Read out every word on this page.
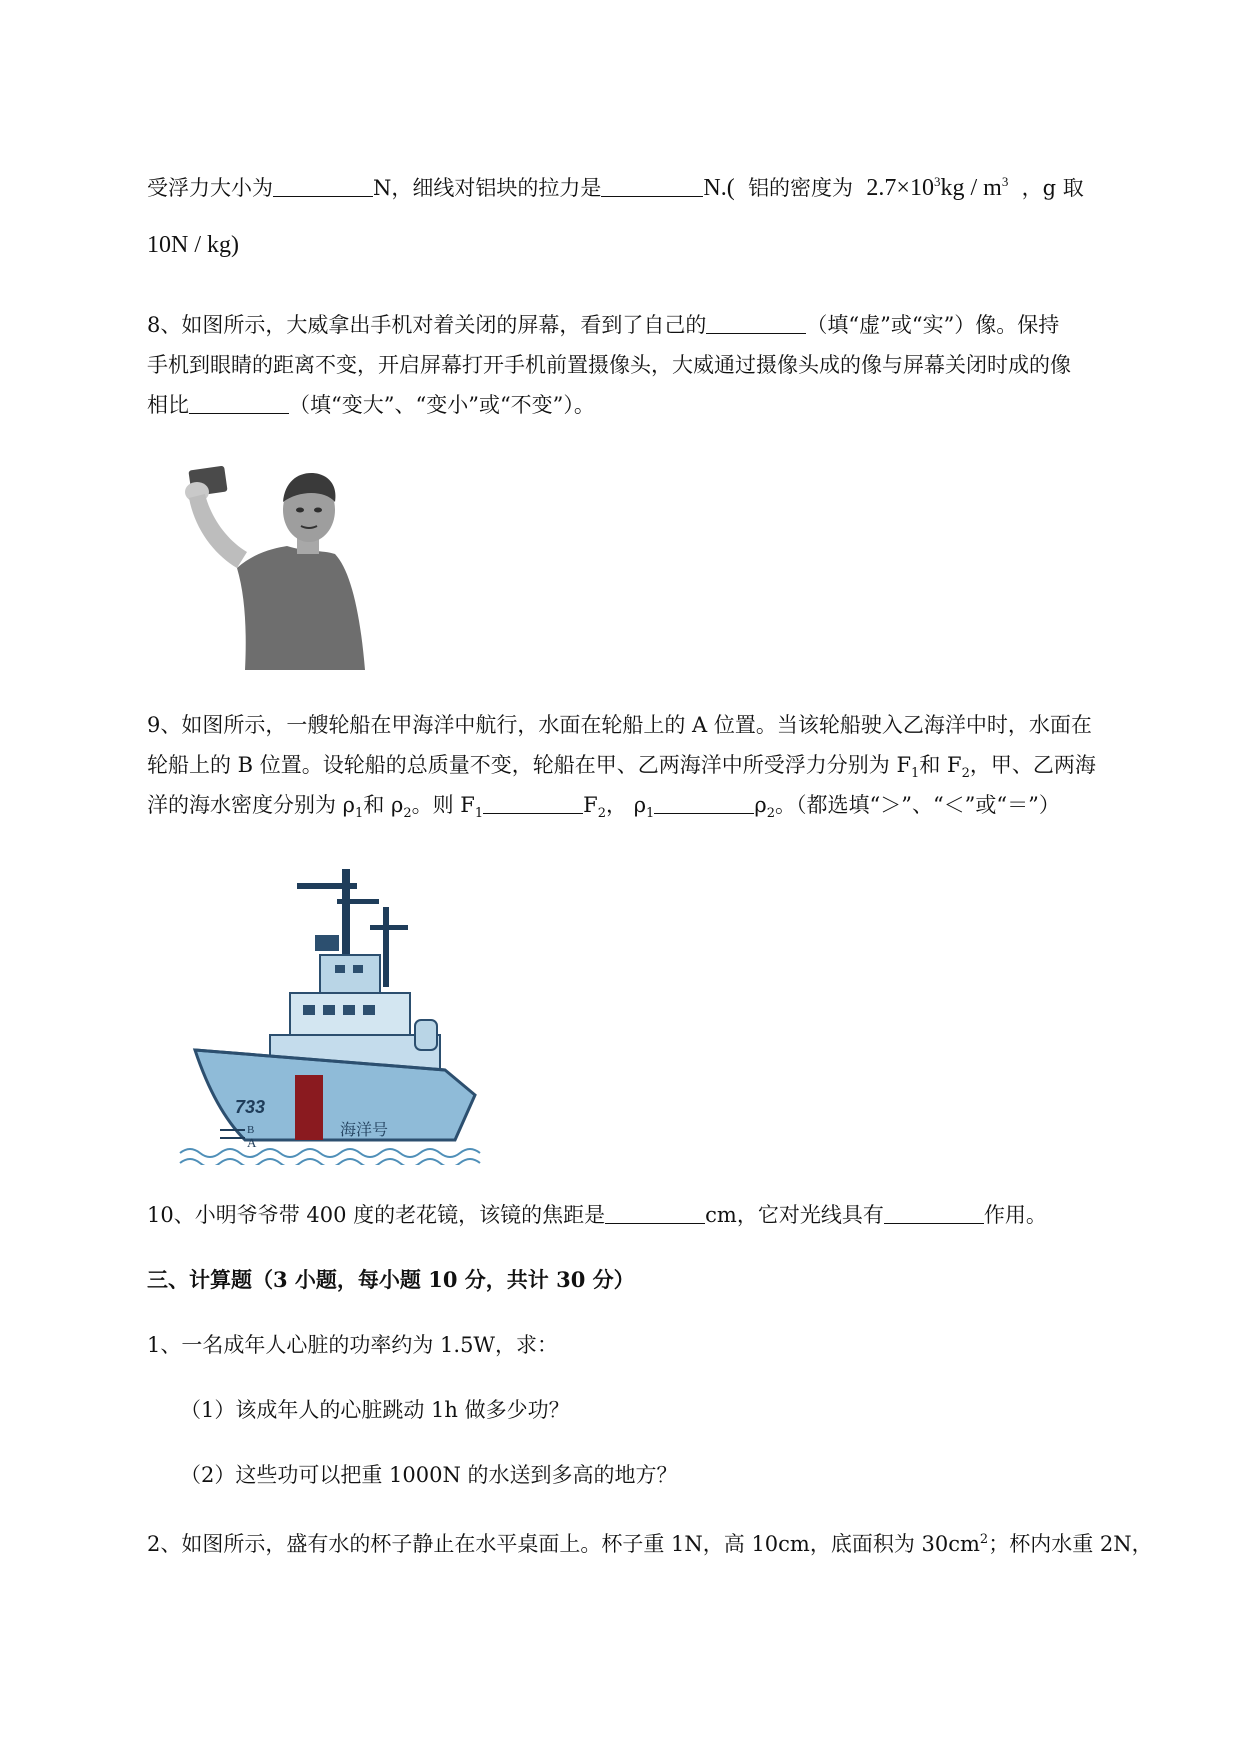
受浮力大小为	N，细线对铝块的拉力是	N.( 铝的密度为 $2.7\times 10^3kg / m^3$ ，g 取
10N / kg)
8、如图所示，大威拿出手机对着关闭的屏幕，看到了自己的	（填“虚”或“实”）像。保持
手机到眼睛的距离不变，开启屏幕打开手机前置摄像头，大威通过摄像头成的像与屏幕关闭时成的像
相比	（填“变大”、“变小”或“不变”）。
9、如图所示，一艘轮船在甲海洋中航行，水面在轮船上的 A 位置。当该轮船驶入乙海洋中时，水面在
轮船上的 B 位置。设轮船的总质量不变，轮船在甲、乙两海洋中所受浮力分别为 $F_1$和 $F_2$，甲、乙两海
洋的海水密度分别为 $\rho_1$和 $\rho_2$。则 $F_1$	$F_2$， $\rho_1$	$\rho_2$。（都选填“＞”、“＜”或“＝”）
733
海洋号
B
A
10、小明爷爷带 400 度的老花镜，该镜的焦距是	cm，它对光线具有	作用。
三、计算题（3 小题，每小题 10 分，共计 30 分）
1、一名成年人心脏的功率约为 1.5W，求：
（1）该成年人的心脏跳动 1h 做多少功？
（2）这些功可以把重 1000N 的水送到多高的地方？
2、如图所示，盛有水的杯子静止在水平桌面上。杯子重 1N，高 10cm，底面积为 $30cm^2$；杯内水重 2N，
